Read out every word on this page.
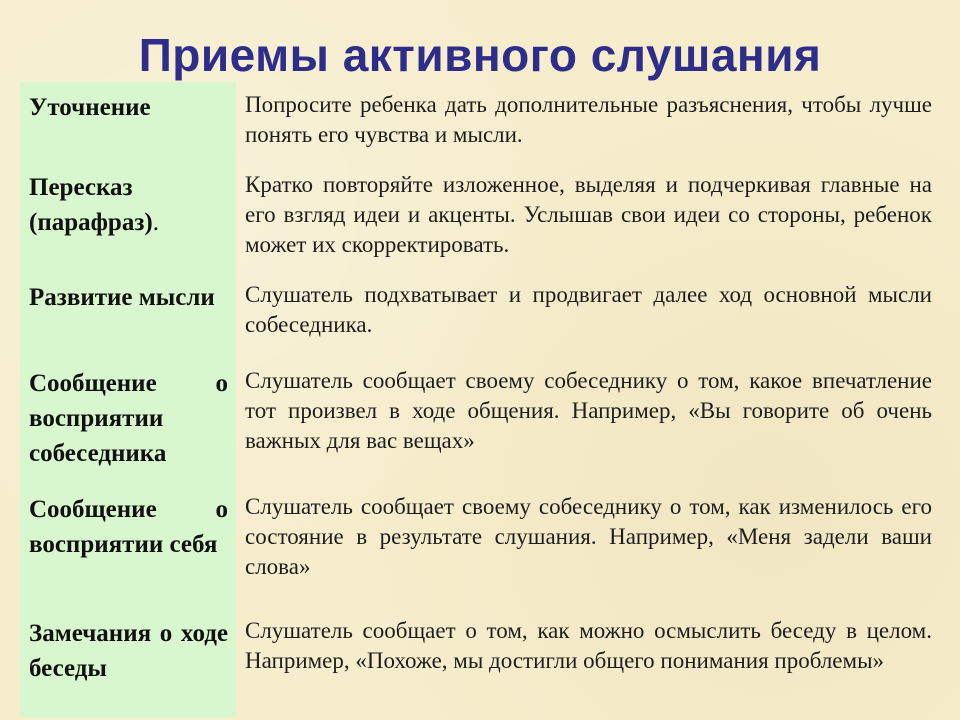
Приемы активного слушания
Уточнение	Попросите ребенка дать дополнительные разъяснения, чтобы лучше понять его чувства и мысли.
Пересказ (парафраз).
Кратко повторяйте изложенное, выделяя и подчеркивая главные на его взгляд идеи и акценты. Услышав свои идеи со стороны, ребенок может их скорректировать.
Развитие мысли	Слушатель подхватывает и продвигает далее ход основной мысли собеседника.
Сообщение о восприятии собеседника
Слушатель сообщает своему собеседнику о том, какое впечатление тот произвел в ходе общения. Например, «Вы говорите об очень важных для вас вещах»
Сообщение о восприятии себя
Слушатель сообщает своему собеседнику о том, как изменилось его состояние в результате слушания. Например, «Меня задели ваши слова»
Замечания о ходе беседы
Слушатель сообщает о том, как можно осмыслить беседу в целом. Например, «Похоже, мы достигли общего понимания проблемы»
